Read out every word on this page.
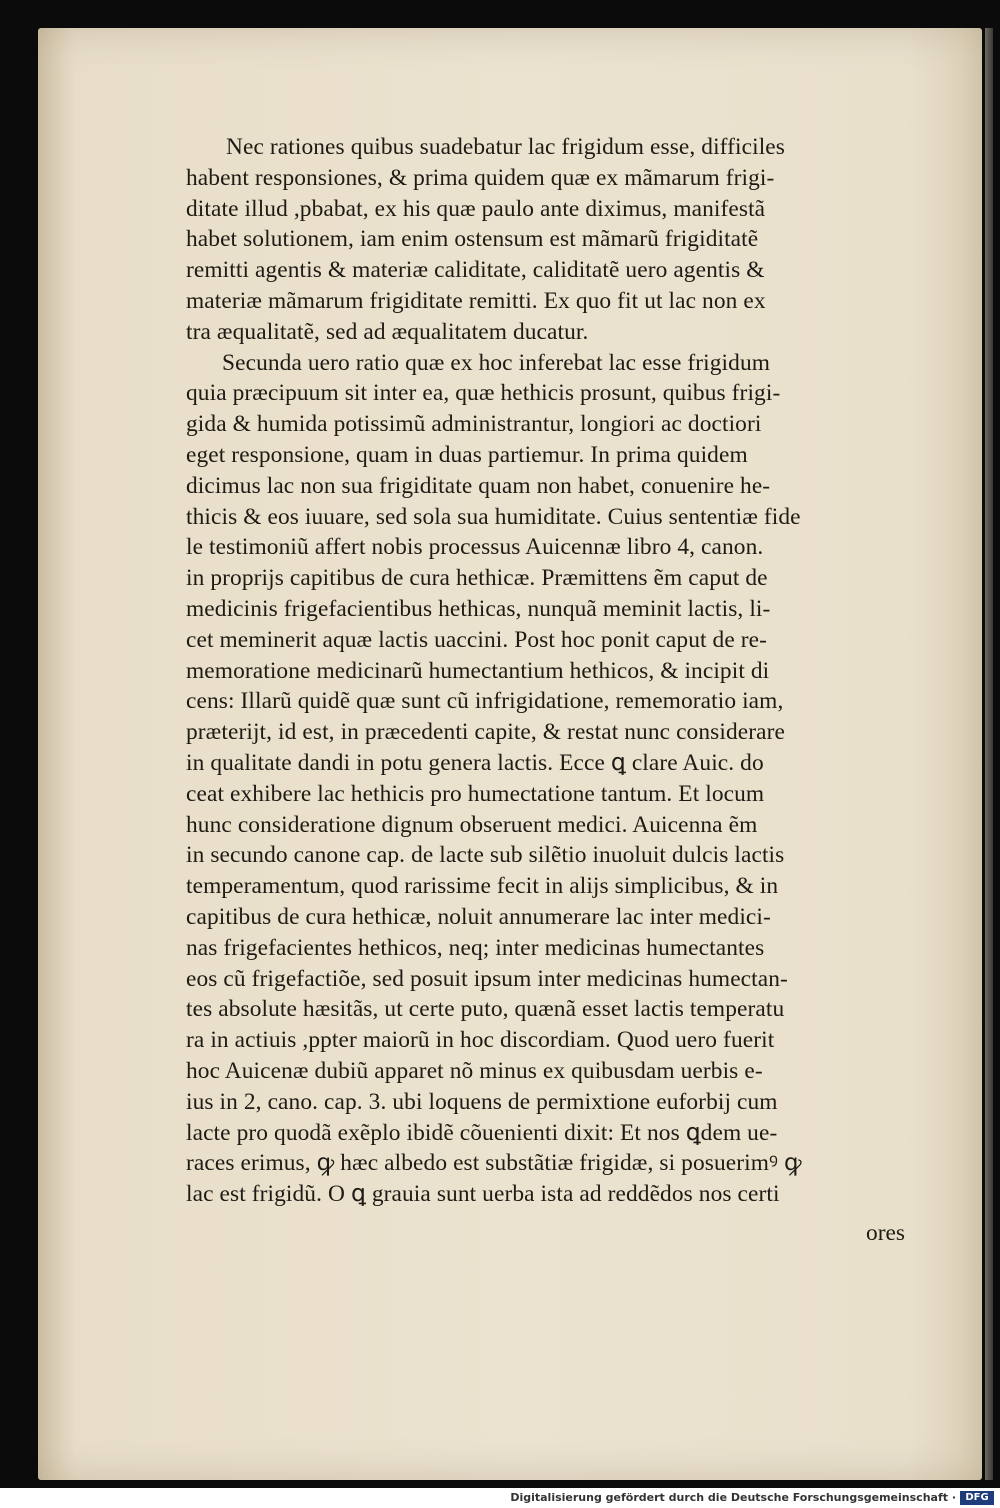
Nec rationes quibus suadebatur lac frigidum esse, difficiles
habent responsiones, & prima quidem quæ ex mãmarum frigi-
ditate illud ,pbabat, ex his quæ paulo ante diximus, manifestã
habet solutionem, iam enim ostensum est mãmarũ frigiditatẽ
remitti agentis & materiæ caliditate, caliditatẽ uero agentis &
materiæ mãmarum frigiditate remitti. Ex quo fit ut lac non ex
tra æqualitatẽ, sed ad æqualitatem ducatur.
Secunda uero ratio quæ ex hoc inferebat lac esse frigidum
quia præcipuum sit inter ea, quæ hethicis prosunt, quibus frigi-
gida & humida potissimũ administrantur, longiori ac doctiori
eget responsione, quam in duas partiemur. In prima quidem
dicimus lac non sua frigiditate quam non habet, conuenire he-
thicis & eos iuuare, sed sola sua humiditate. Cuius sententiæ fide
le testimoniũ affert nobis processus Auicennæ libro 4, canon.
in proprijs capitibus de cura hethicæ. Præmittens ẽm caput de
medicinis frigefacientibus hethicas, nunquã meminit lactis, li-
cet meminerit aquæ lactis uaccini. Post hoc ponit caput de re-
memoratione medicinarũ humectantium hethicos, & incipit di
cens: Illarũ quidẽ quæ sunt cũ infrigidatione, rememoratio iam,
præterijt, id est, in præcedenti capite, & restat nunc considerare
in qualitate dandi in potu genera lactis. Ecce ꝗ clare Auic. do
ceat exhibere lac hethicis pro humectatione tantum. Et locum
hunc consideratione dignum obseruent medici. Auicenna ẽm
in secundo canone cap. de lacte sub silẽtio inuoluit dulcis lactis
temperamentum, quod rarissime fecit in alijs simplicibus, & in
capitibus de cura hethicæ, noluit annumerare lac inter medici-
nas frigefacientes hethicos, neq; inter medicinas humectantes
eos cũ frigefactiõe, sed posuit ipsum inter medicinas humectan-
tes absolute hæsitãs, ut certe puto, quænã esset lactis temperatu
ra in actiuis ,ppter maiorũ in hoc discordiam. Quod uero fuerit
hoc Auicenæ dubiũ apparet nõ minus ex quibusdam uerbis e-
ius in 2, cano. cap. 3. ubi loquens de permixtione euforbij cum
lacte pro quodã exẽplo ibidẽ cõuenienti dixit: Et nos ꝗdem ue-
races erimus, ꝙ hæc albedo est substãtiæ frigidæ, si posuerimꝰ ꝙ
lac est frigidũ. O ꝗ grauia sunt uerba ista ad reddẽdos nos certi
ores
Digitalisierung gefördert durch die Deutsche Forschungsgemeinschaft · DFG
